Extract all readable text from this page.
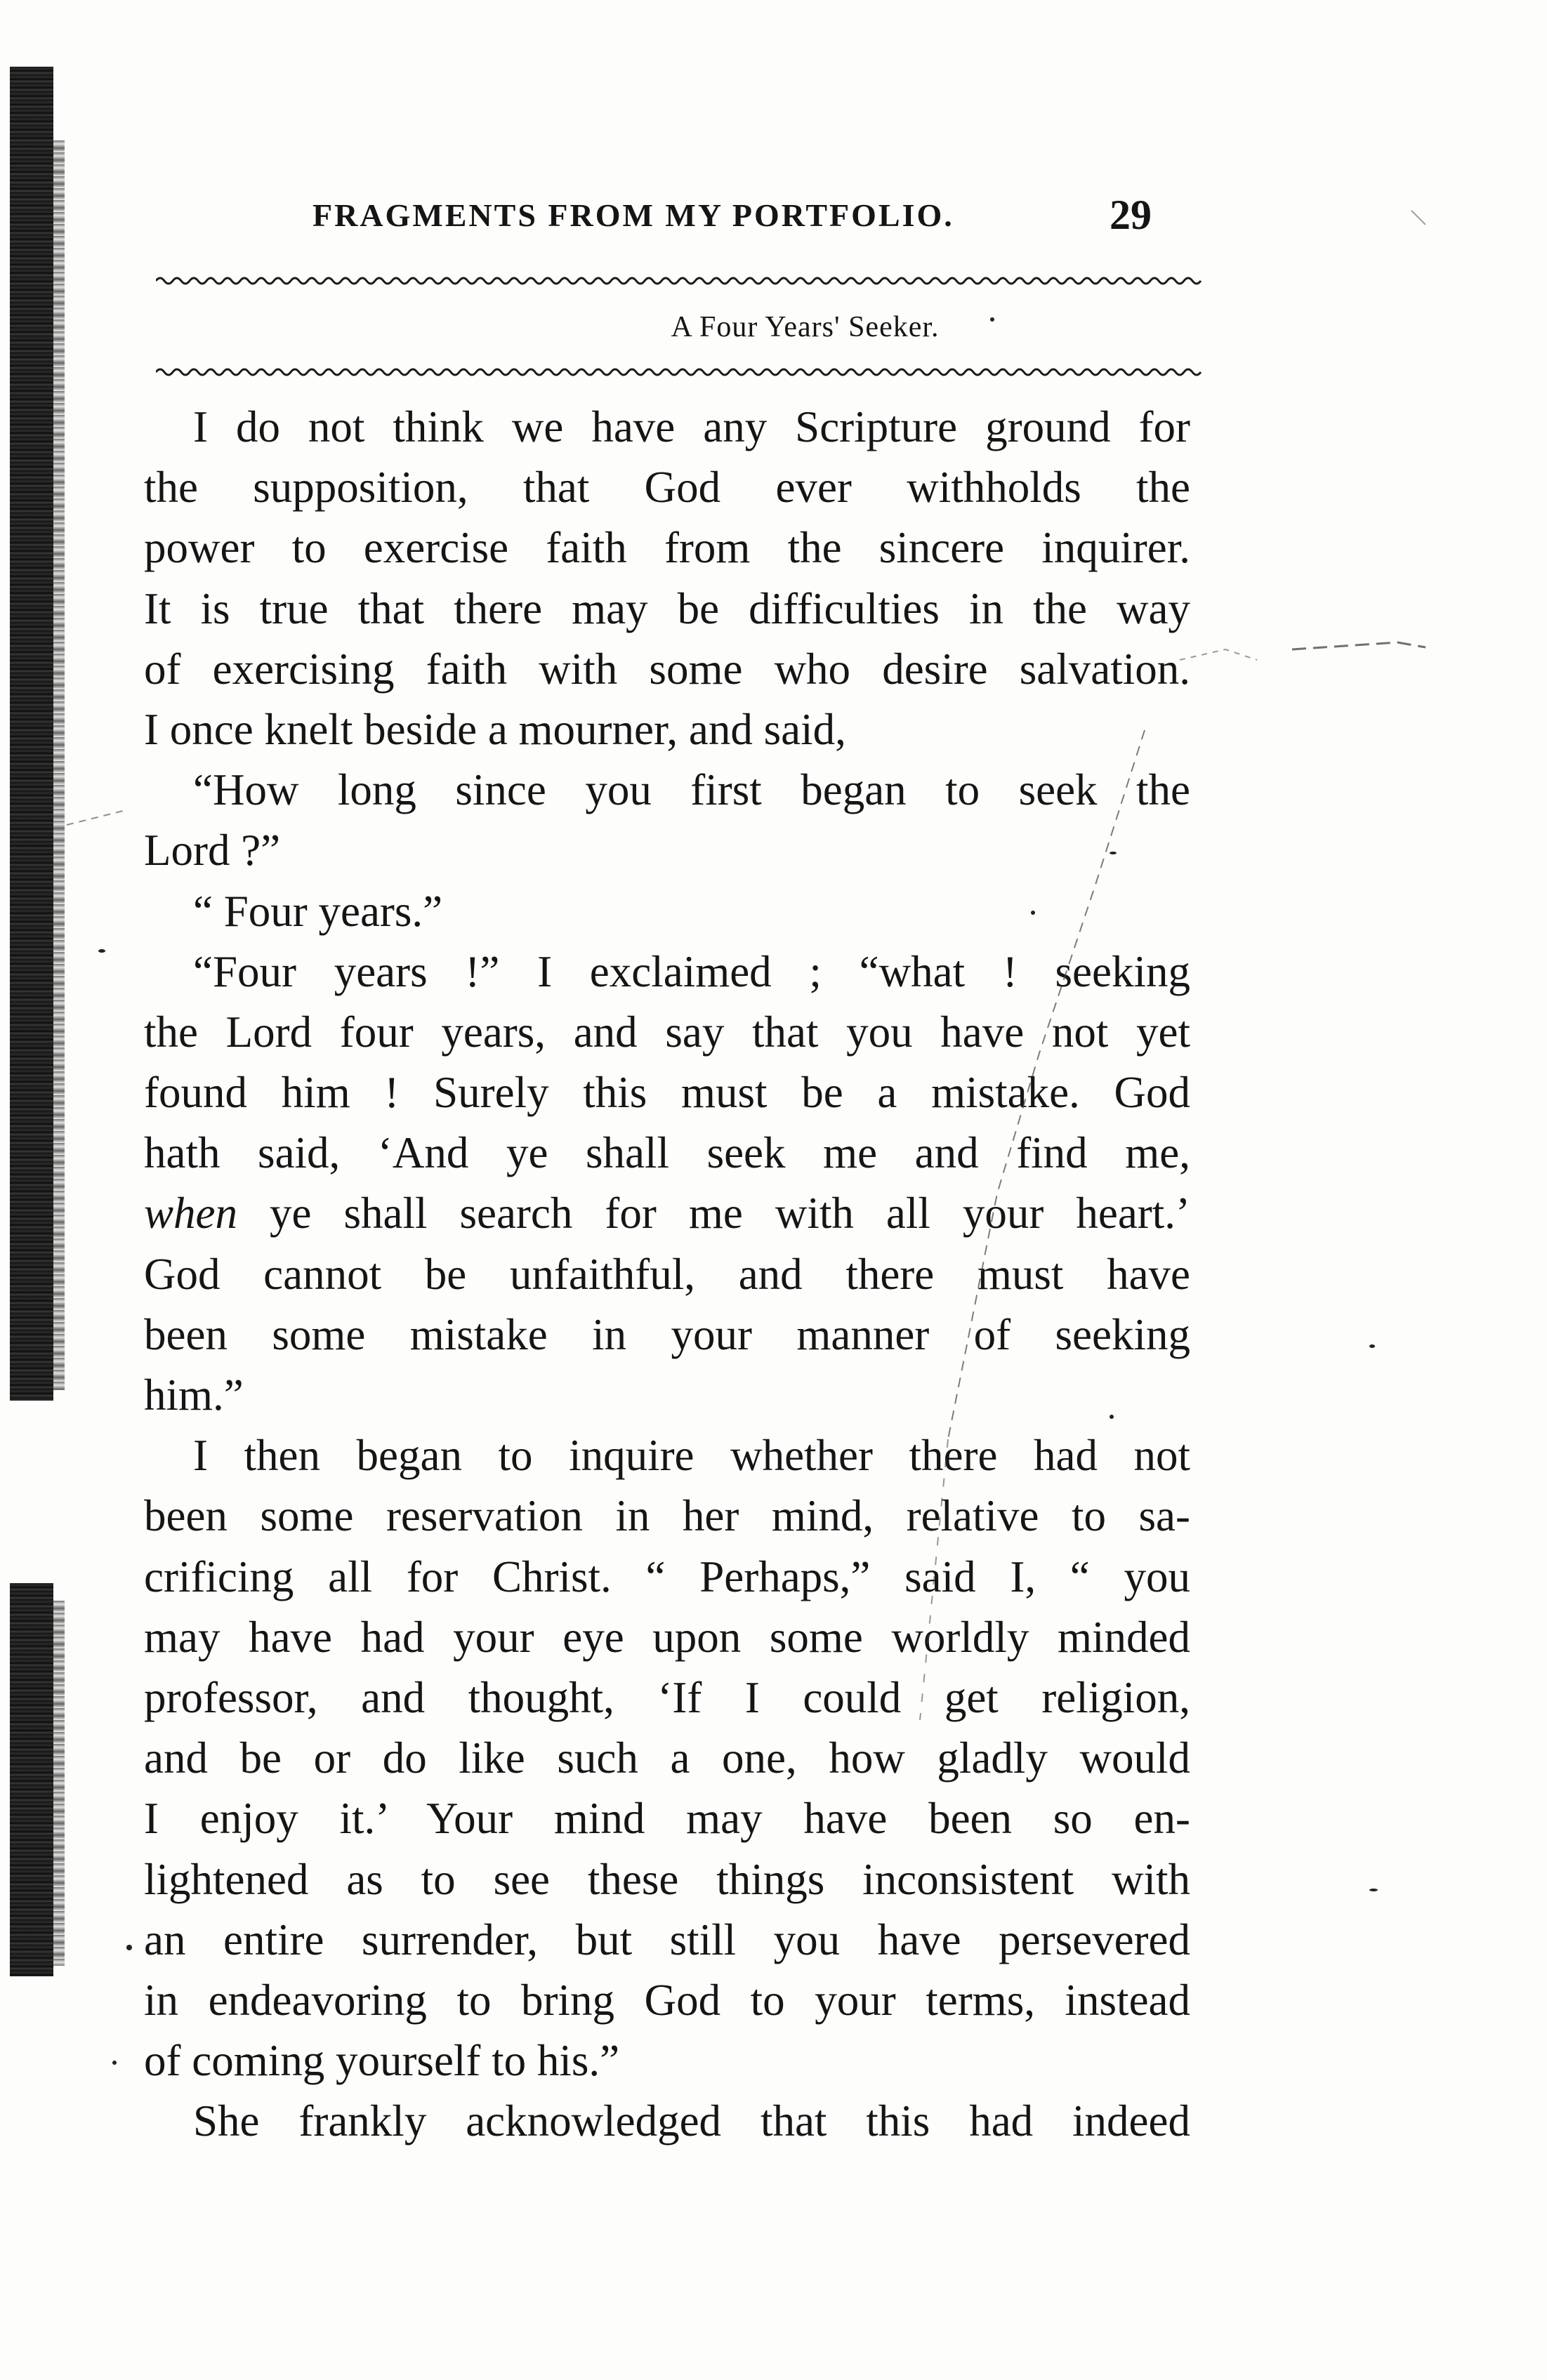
FRAGMENTS FROM MY PORTFOLIO.	29
A Four Years' Seeker.
I do not think we have any Scripture ground for
the supposition, that God ever withholds the
power to exercise faith from the sincere inquirer.
It is true that there may be difficulties in the way
of exercising faith with some who desire salvation.
I once knelt beside a mourner, and said,
“How long since you first began to seek the
Lord ?”
“ Four years.”
“Four years !” I exclaimed ; “what ! seeking
the Lord four years, and say that you have not yet
found him ! Surely this must be a mistake. God
hath said, ‘And ye shall seek me and find me,
when ye shall search for me with all your heart.’
God cannot be unfaithful, and there must have
been some mistake in your manner of seeking
him.”
I then began to inquire whether there had not
been some reservation in her mind, relative to sa-
crificing all for Christ. “ Perhaps,” said I, “ you
may have had your eye upon some worldly minded
professor, and thought, ‘If I could get religion,
and be or do like such a one, how gladly would
I enjoy it.’ Your mind may have been so en-
lightened as to see these things inconsistent with
an entire surrender, but still you have persevered
in endeavoring to bring God to your terms, instead
of coming yourself to his.”
She frankly acknowledged that this had indeed
